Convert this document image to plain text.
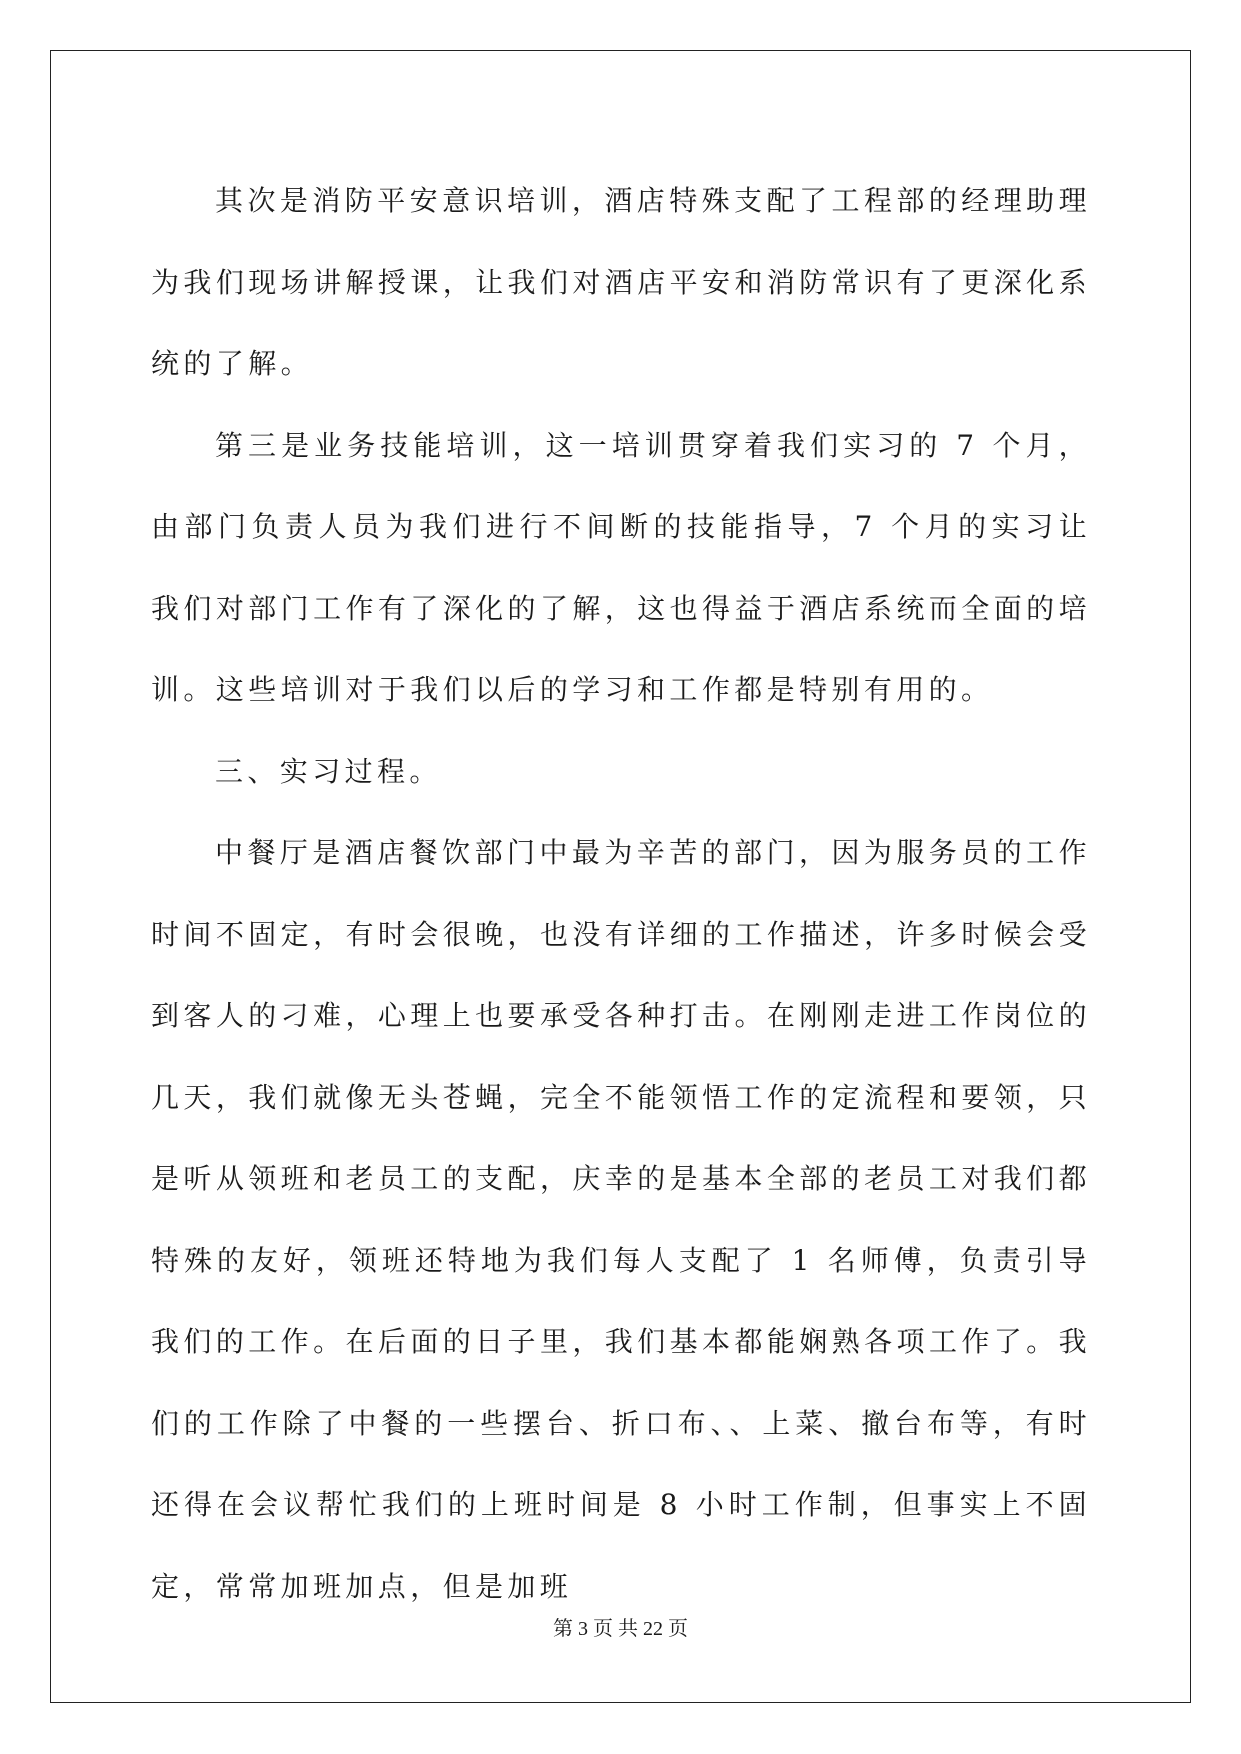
其次是消防平安意识培训，酒店特殊支配了工程部的经理助理为我们现场讲解授课，让我们对酒店平安和消防常识有了更深化系统的了解。

第三是业务技能培训，这一培训贯穿着我们实习的 7 个月，由部门负责人员为我们进行不间断的技能指导，7 个月的实习让我们对部门工作有了深化的了解，这也得益于酒店系统而全面的培训。这些培训对于我们以后的学习和工作都是特别有用的。

三、实习过程。

中餐厅是酒店餐饮部门中最为辛苦的部门，因为服务员的工作时间不固定，有时会很晚，也没有详细的工作描述，许多时候会受到客人的刁难，心理上也要承受各种打击。在刚刚走进工作岗位的几天，我们就像无头苍蝇，完全不能领悟工作的定流程和要领，只是听从领班和老员工的支配，庆幸的是基本全部的老员工对我们都特殊的友好，领班还特地为我们每人支配了 1 名师傅，负责引导我们的工作。在后面的日子里，我们基本都能娴熟各项工作了。我们的工作除了中餐的一些摆台、折口布、、上菜、撤台布等，有时还得在会议帮忙我们的上班时间是 8 小时工作制，但事实上不固定，常常加班加点，但是加班

第 3 页 共 22 页
